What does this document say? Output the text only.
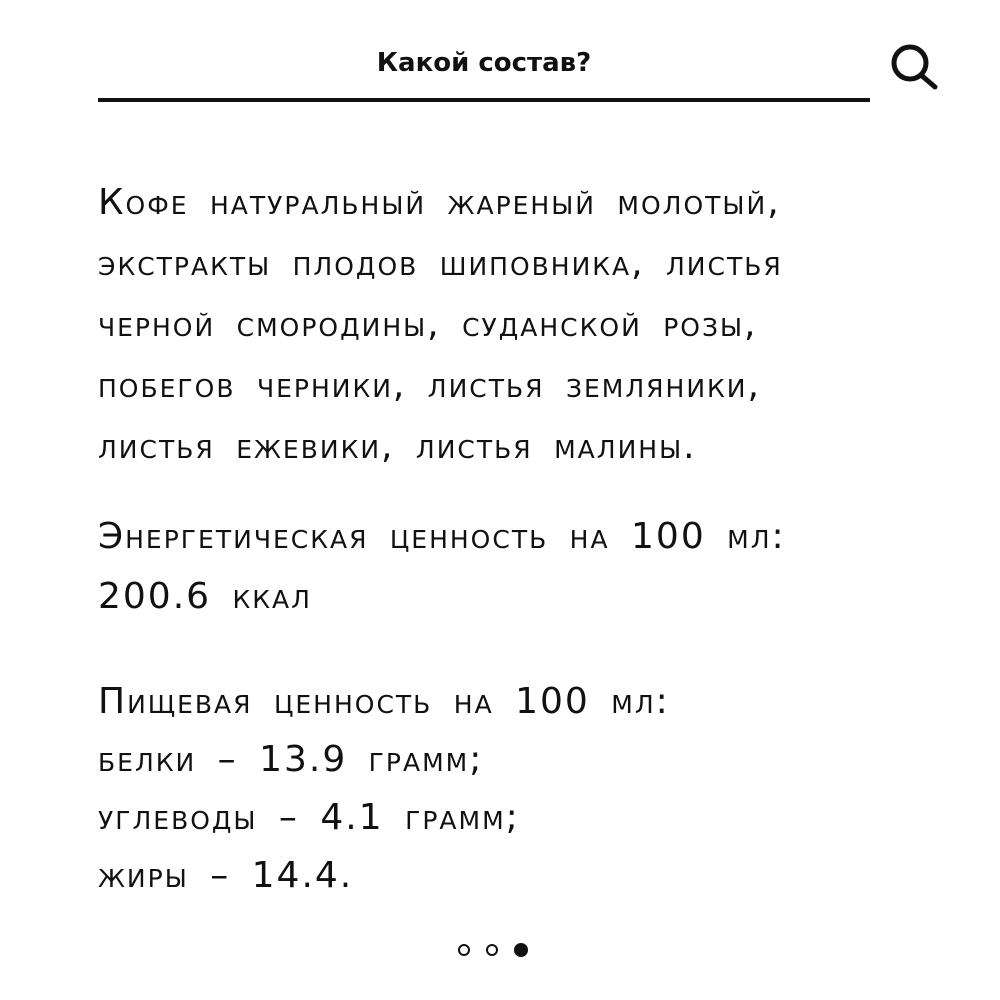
Какой состав?
Кофе натуральный жареный молотый,
экстракты плодов шиповника, листья
черной смородины, суданской розы,
побегов черники, листья земляники,
листья ежевики, листья малины.
Энергетическая ценность на 100 мл:
200.6 ккал
Пищевая ценность на 100 мл:
белки – 13.9 грамм;
углеводы – 4.1 грамм;
жиры – 14.4.
